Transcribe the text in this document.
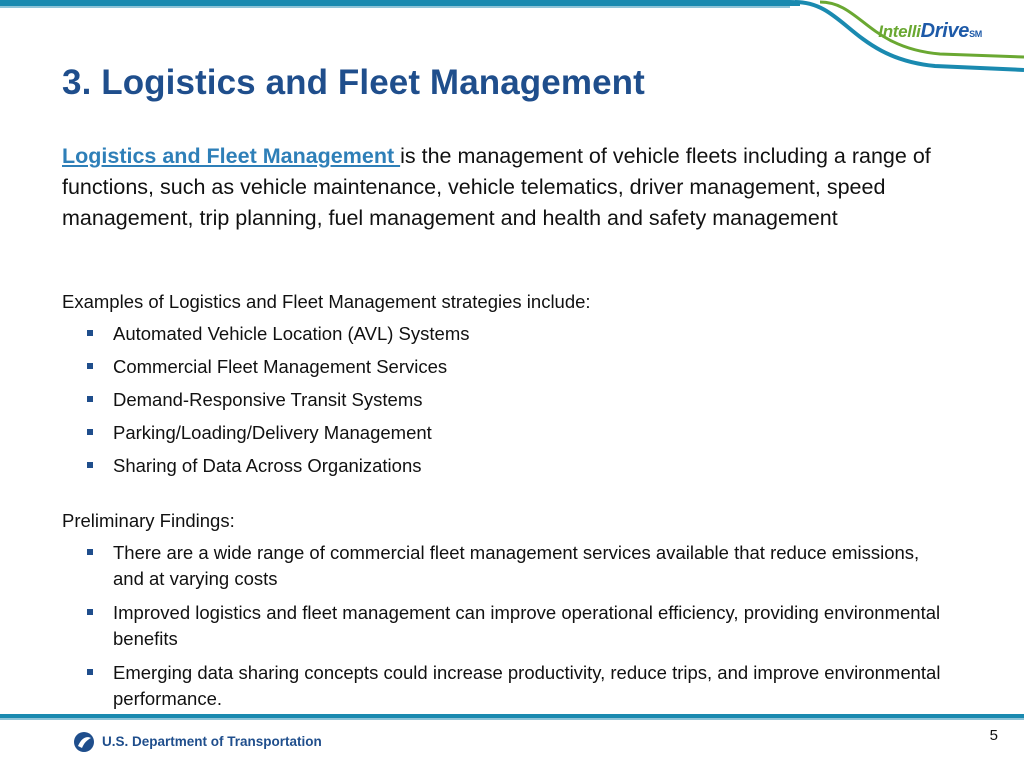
IntelliDriveSM
3. Logistics and Fleet Management

Logistics and Fleet Management is the management of vehicle fleets including a range of functions, such as vehicle maintenance, vehicle telematics, driver management, speed management, trip planning, fuel management and health and safety management

Examples of Logistics and Fleet Management strategies include:

Automated Vehicle Location (AVL) Systems
Commercial Fleet Management Services
Demand-Responsive Transit Systems
Parking/Loading/Delivery Management
Sharing of Data Across Organizations

Preliminary Findings:

There are a wide range of commercial fleet management services available that reduce emissions, and at varying costs
Improved logistics and fleet management can improve operational efficiency, providing environmental benefits
Emerging data sharing concepts could increase productivity, reduce trips, and improve environmental performance.
U.S. Department of Transportation	5
